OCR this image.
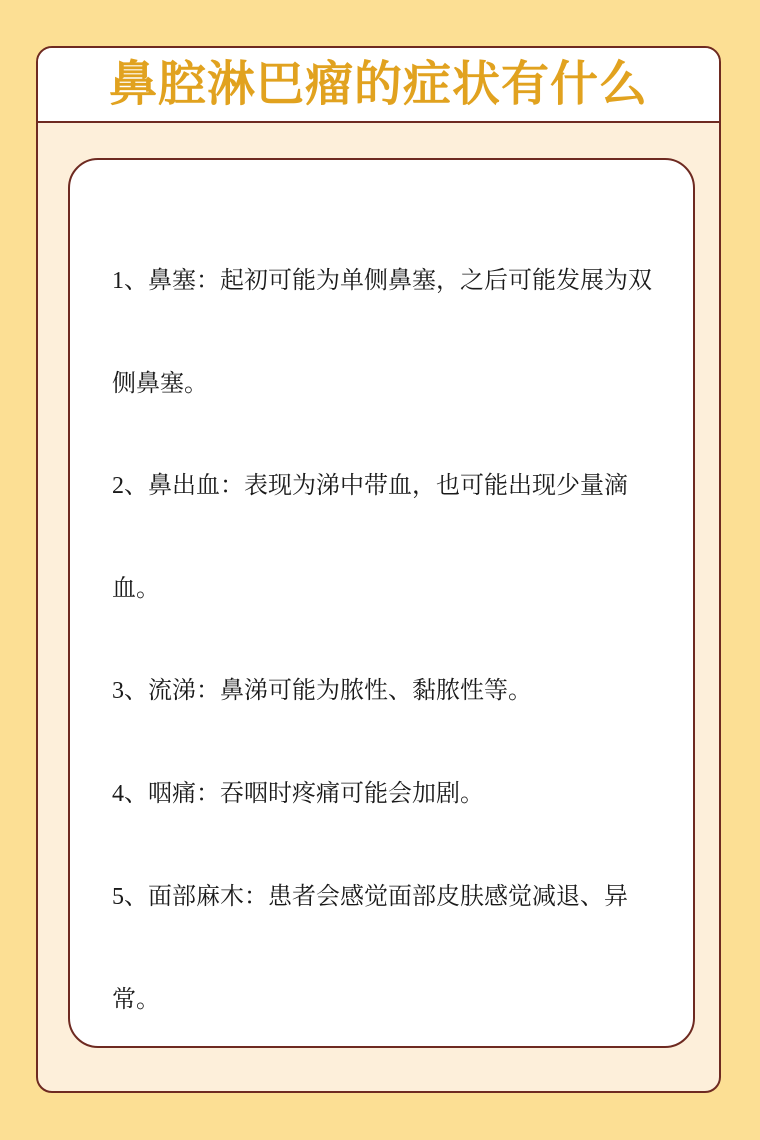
鼻腔淋巴瘤的症状有什么
1、鼻塞：起初可能为单侧鼻塞，之后可能发展为双侧鼻塞。
2、鼻出血：表现为涕中带血，也可能出现少量滴血。
3、流涕：鼻涕可能为脓性、黏脓性等。
4、咽痛：吞咽时疼痛可能会加剧。
5、面部麻木：患者会感觉面部皮肤感觉减退、异常。
